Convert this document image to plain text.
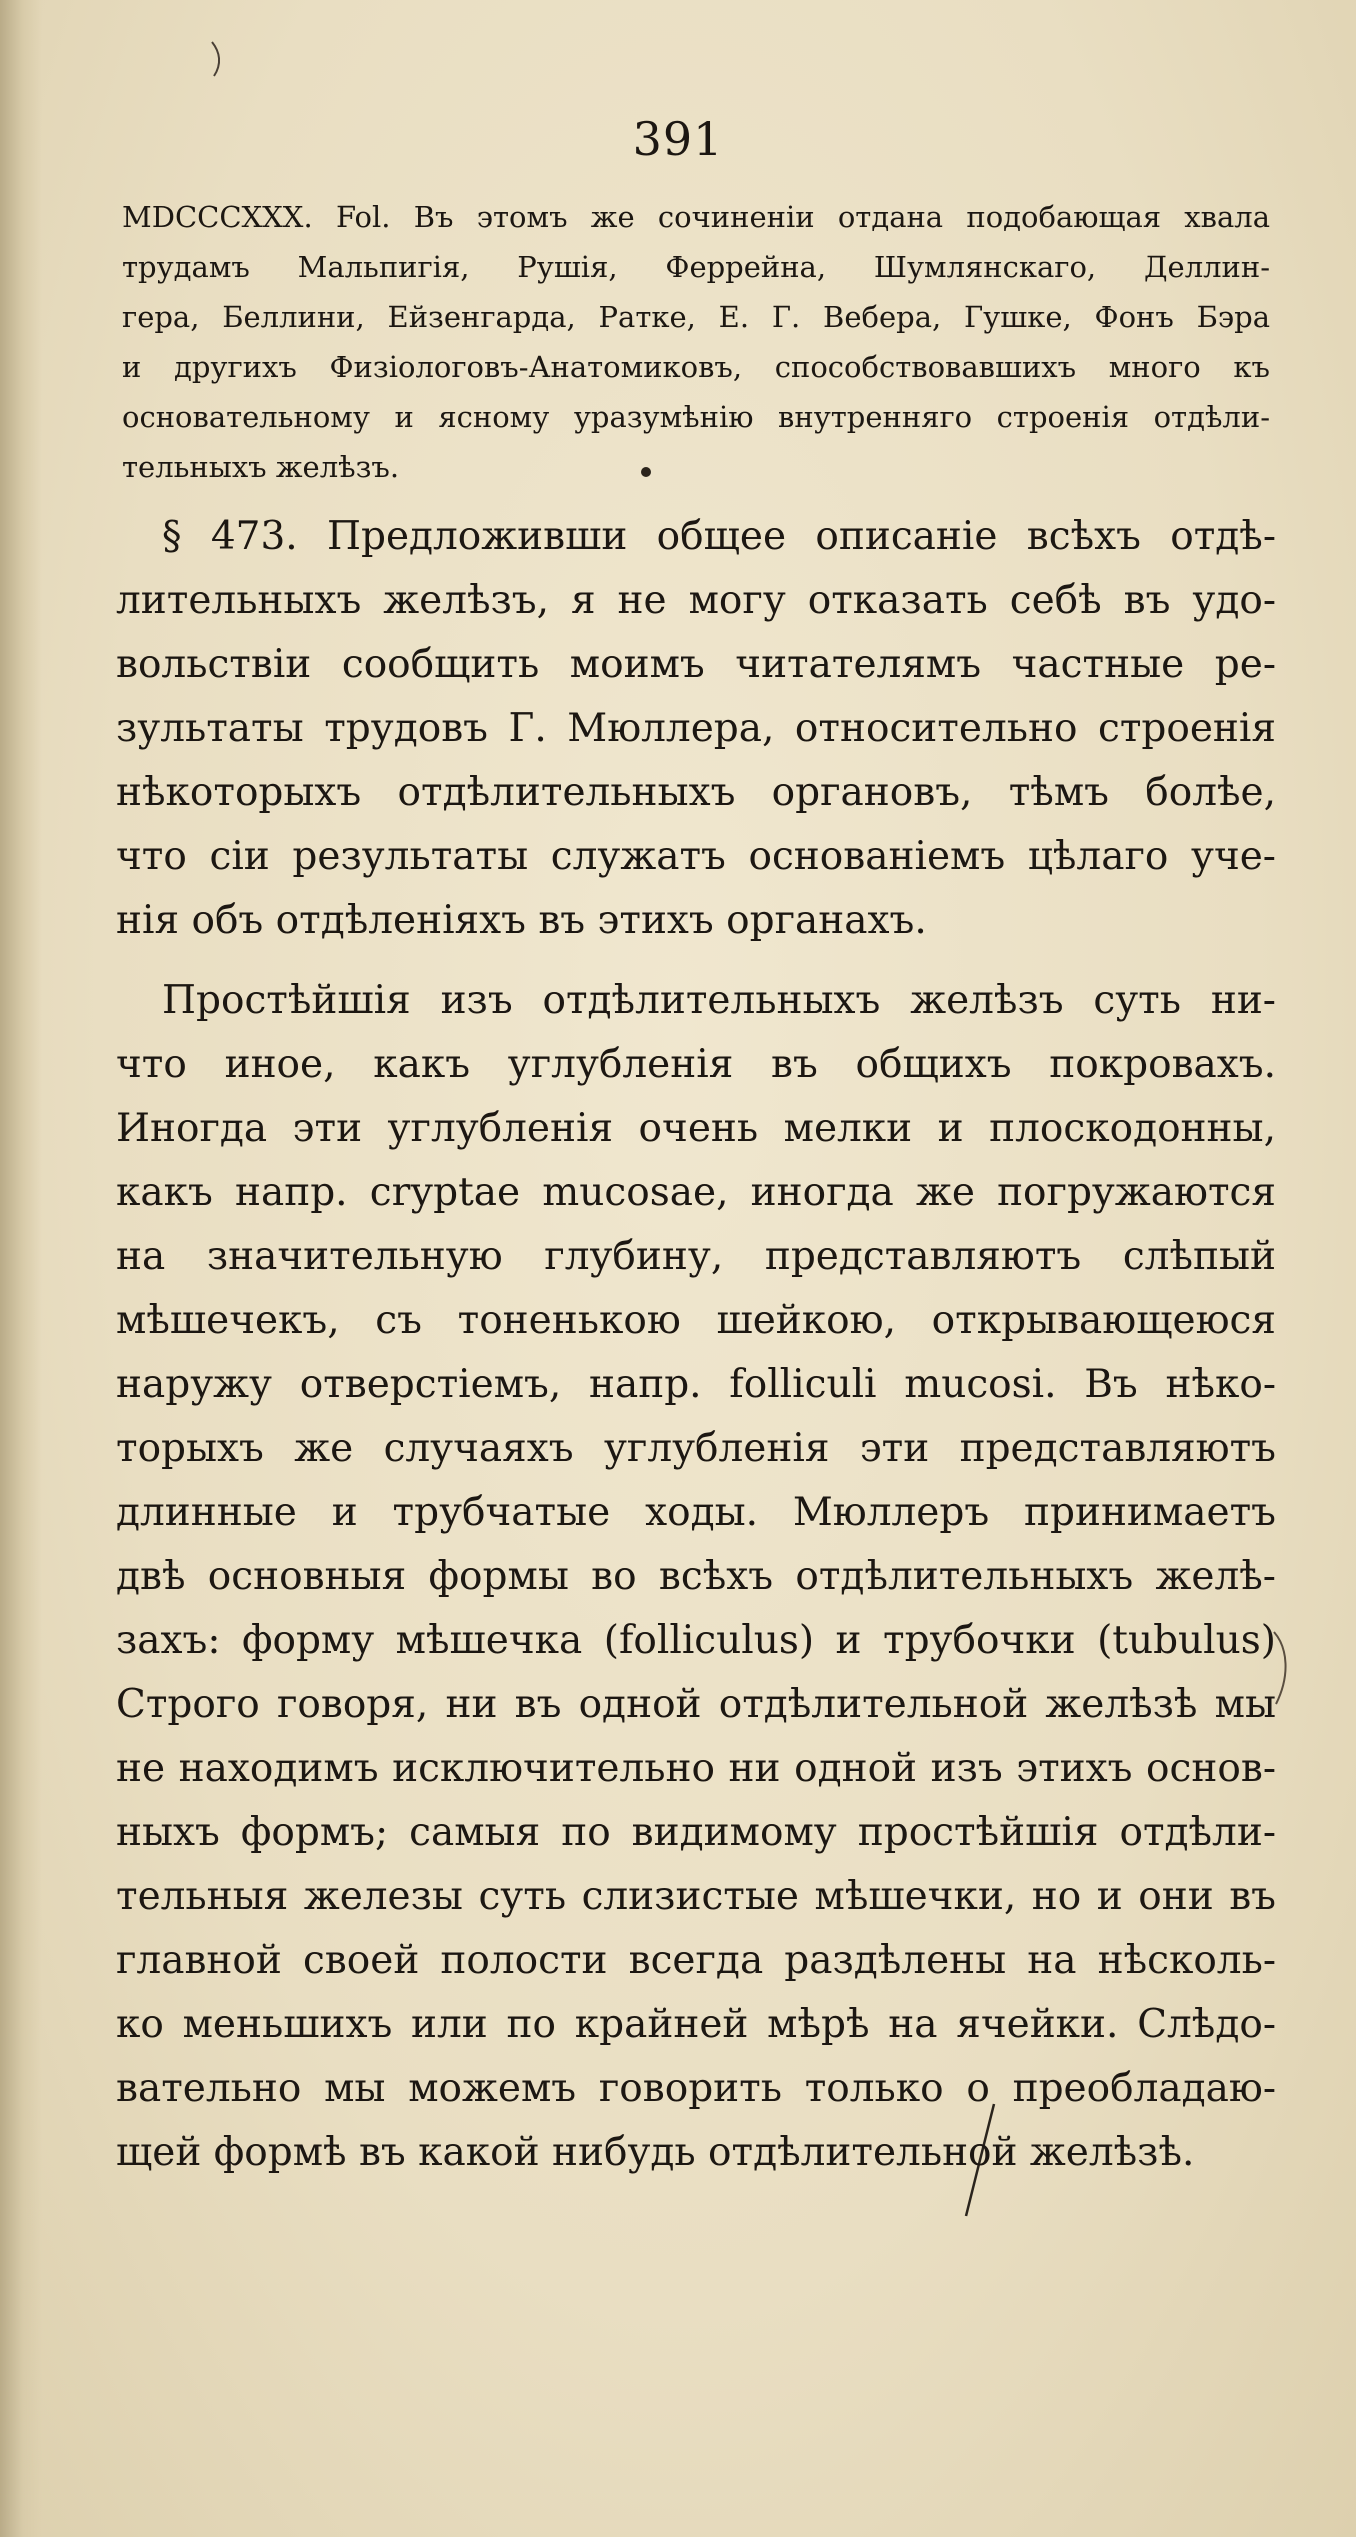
391
MDCCCXXX. Fol. Въ этомъ же сочиненіи отдана подобающая хвала
трудамъ Мальпигія, Рушія, Феррейна, Шумлянскаго, Деллин-
гера, Беллини, Ейзенгарда, Ратке, Е. Г. Вебера, Гушке, Фонъ Бэра
и другихъ Физіологовъ-Анатомиковъ, способствовавшихъ много къ
основательному и ясному уразумѣнію внутренняго строенія отдѣли-
тельныхъ желѣзъ.
§ 473. Предложивши общее описаніе всѣхъ отдѣ-
лительныхъ желѣзъ, я не могу отказать себѣ въ удо-
вольствіи сообщить моимъ читателямъ частные ре-
зультаты трудовъ Г. Мюллера, относительно строенія
нѣкоторыхъ отдѣлительныхъ органовъ, тѣмъ болѣе,
что сіи результаты служатъ основаніемъ цѣлаго уче-
нія объ отдѣленіяхъ въ этихъ органахъ.
Простѣйшія изъ отдѣлительныхъ желѣзъ суть ни-
что иное, какъ углубленія въ общихъ покровахъ.
Иногда эти углубленія очень мелки и плоскодонны,
какъ напр. crуptae mucosae, иногда же погружаются
на значительную глубину, представляютъ слѣпый
мѣшечекъ, съ тоненькою шейкою, открывающеюся
наружу отверстіемъ, напр. folliculi mucosi. Въ нѣко-
торыхъ же случаяхъ углубленія эти представляютъ
длинные и трубчатые ходы. Мюллеръ принимаетъ
двѣ основныя формы во всѣхъ отдѣлительныхъ желѣ-
захъ: форму мѣшечка (folliculus) и трубочки (tubulus)
Строго говоря, ни въ одной отдѣлительной желѣзѣ мы
не находимъ исключительно ни одной изъ этихъ основ-
ныхъ формъ; самыя по видимому простѣйшія отдѣли-
тельныя железы суть слизистые мѣшечки, но и они въ
главной своей полости всегда раздѣлены на нѣсколь-
ко меньшихъ или по крайней мѣрѣ на ячейки. Слѣдо-
вательно мы можемъ говорить только о преобладаю-
щей формѣ въ какой нибудь отдѣлительной желѣзѣ.
